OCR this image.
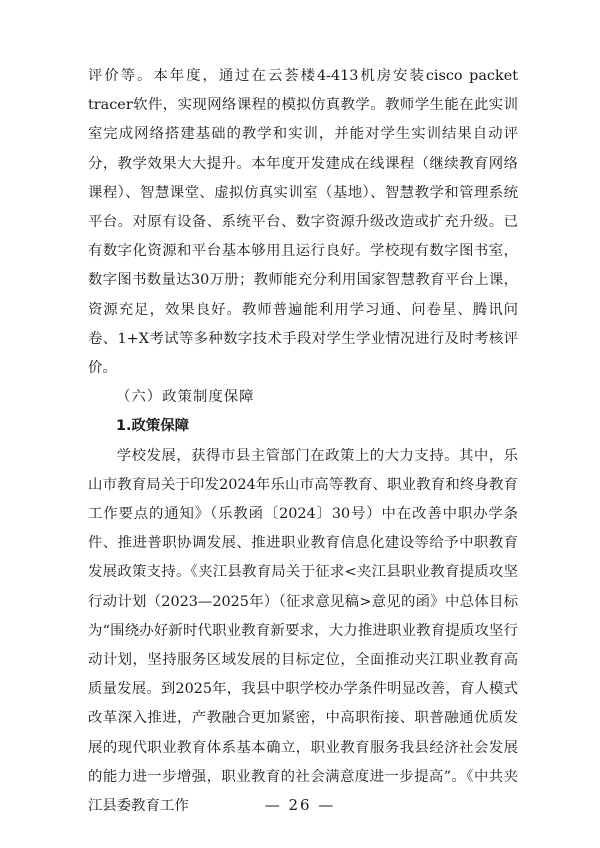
评价等。本年度，通过在云荟楼4-413机房安装cisco packet tracer软件，实现网络课程的模拟仿真教学。教师学生能在此实训室完成网络搭建基础的教学和实训，并能对学生实训结果自动评分，教学效果大大提升。本年度开发建成在线课程（继续教育网络课程）、智慧课堂、虚拟仿真实训室（基地）、智慧教学和管理系统平台。对原有设备、系统平台、数字资源升级改造或扩充升级。已有数字化资源和平台基本够用且运行良好。学校现有数字图书室，数字图书数量达30万册；教师能充分利用国家智慧教育平台上课，资源充足，效果良好。教师普遍能利用学习通、问卷星、腾讯问卷、1+X考试等多种数字技术手段对学生学业情况进行及时考核评价。

（六）政策制度保障

1.政策保障

学校发展，获得市县主管部门在政策上的大力支持。其中，乐山市教育局关于印发2024年乐山市高等教育、职业教育和终身教育工作要点的通知》（乐教函〔2024〕30号）中在改善中职办学条件、推进普职协调发展、推进职业教育信息化建设等给予中职教育发展政策支持。《夹江县教育局关于征求<夹江县职业教育提质攻坚行动计划（2023—2025年）（征求意见稿>意见的函》中总体目标为“围绕办好新时代职业教育新要求，大力推进职业教育提质攻坚行动计划，坚持服务区域发展的目标定位，全面推动夹江职业教育高质量发展。到2025年，我县中职学校办学条件明显改善，育人模式改革深入推进，产教融合更加紧密，中高职衔接、职普融通优质发展的现代职业教育体系基本确立，职业教育服务我县经济社会发展的能力进一步增强，职业教育的社会满意度进一步提高”。《中共夹江县委教育工作	— 26 —
